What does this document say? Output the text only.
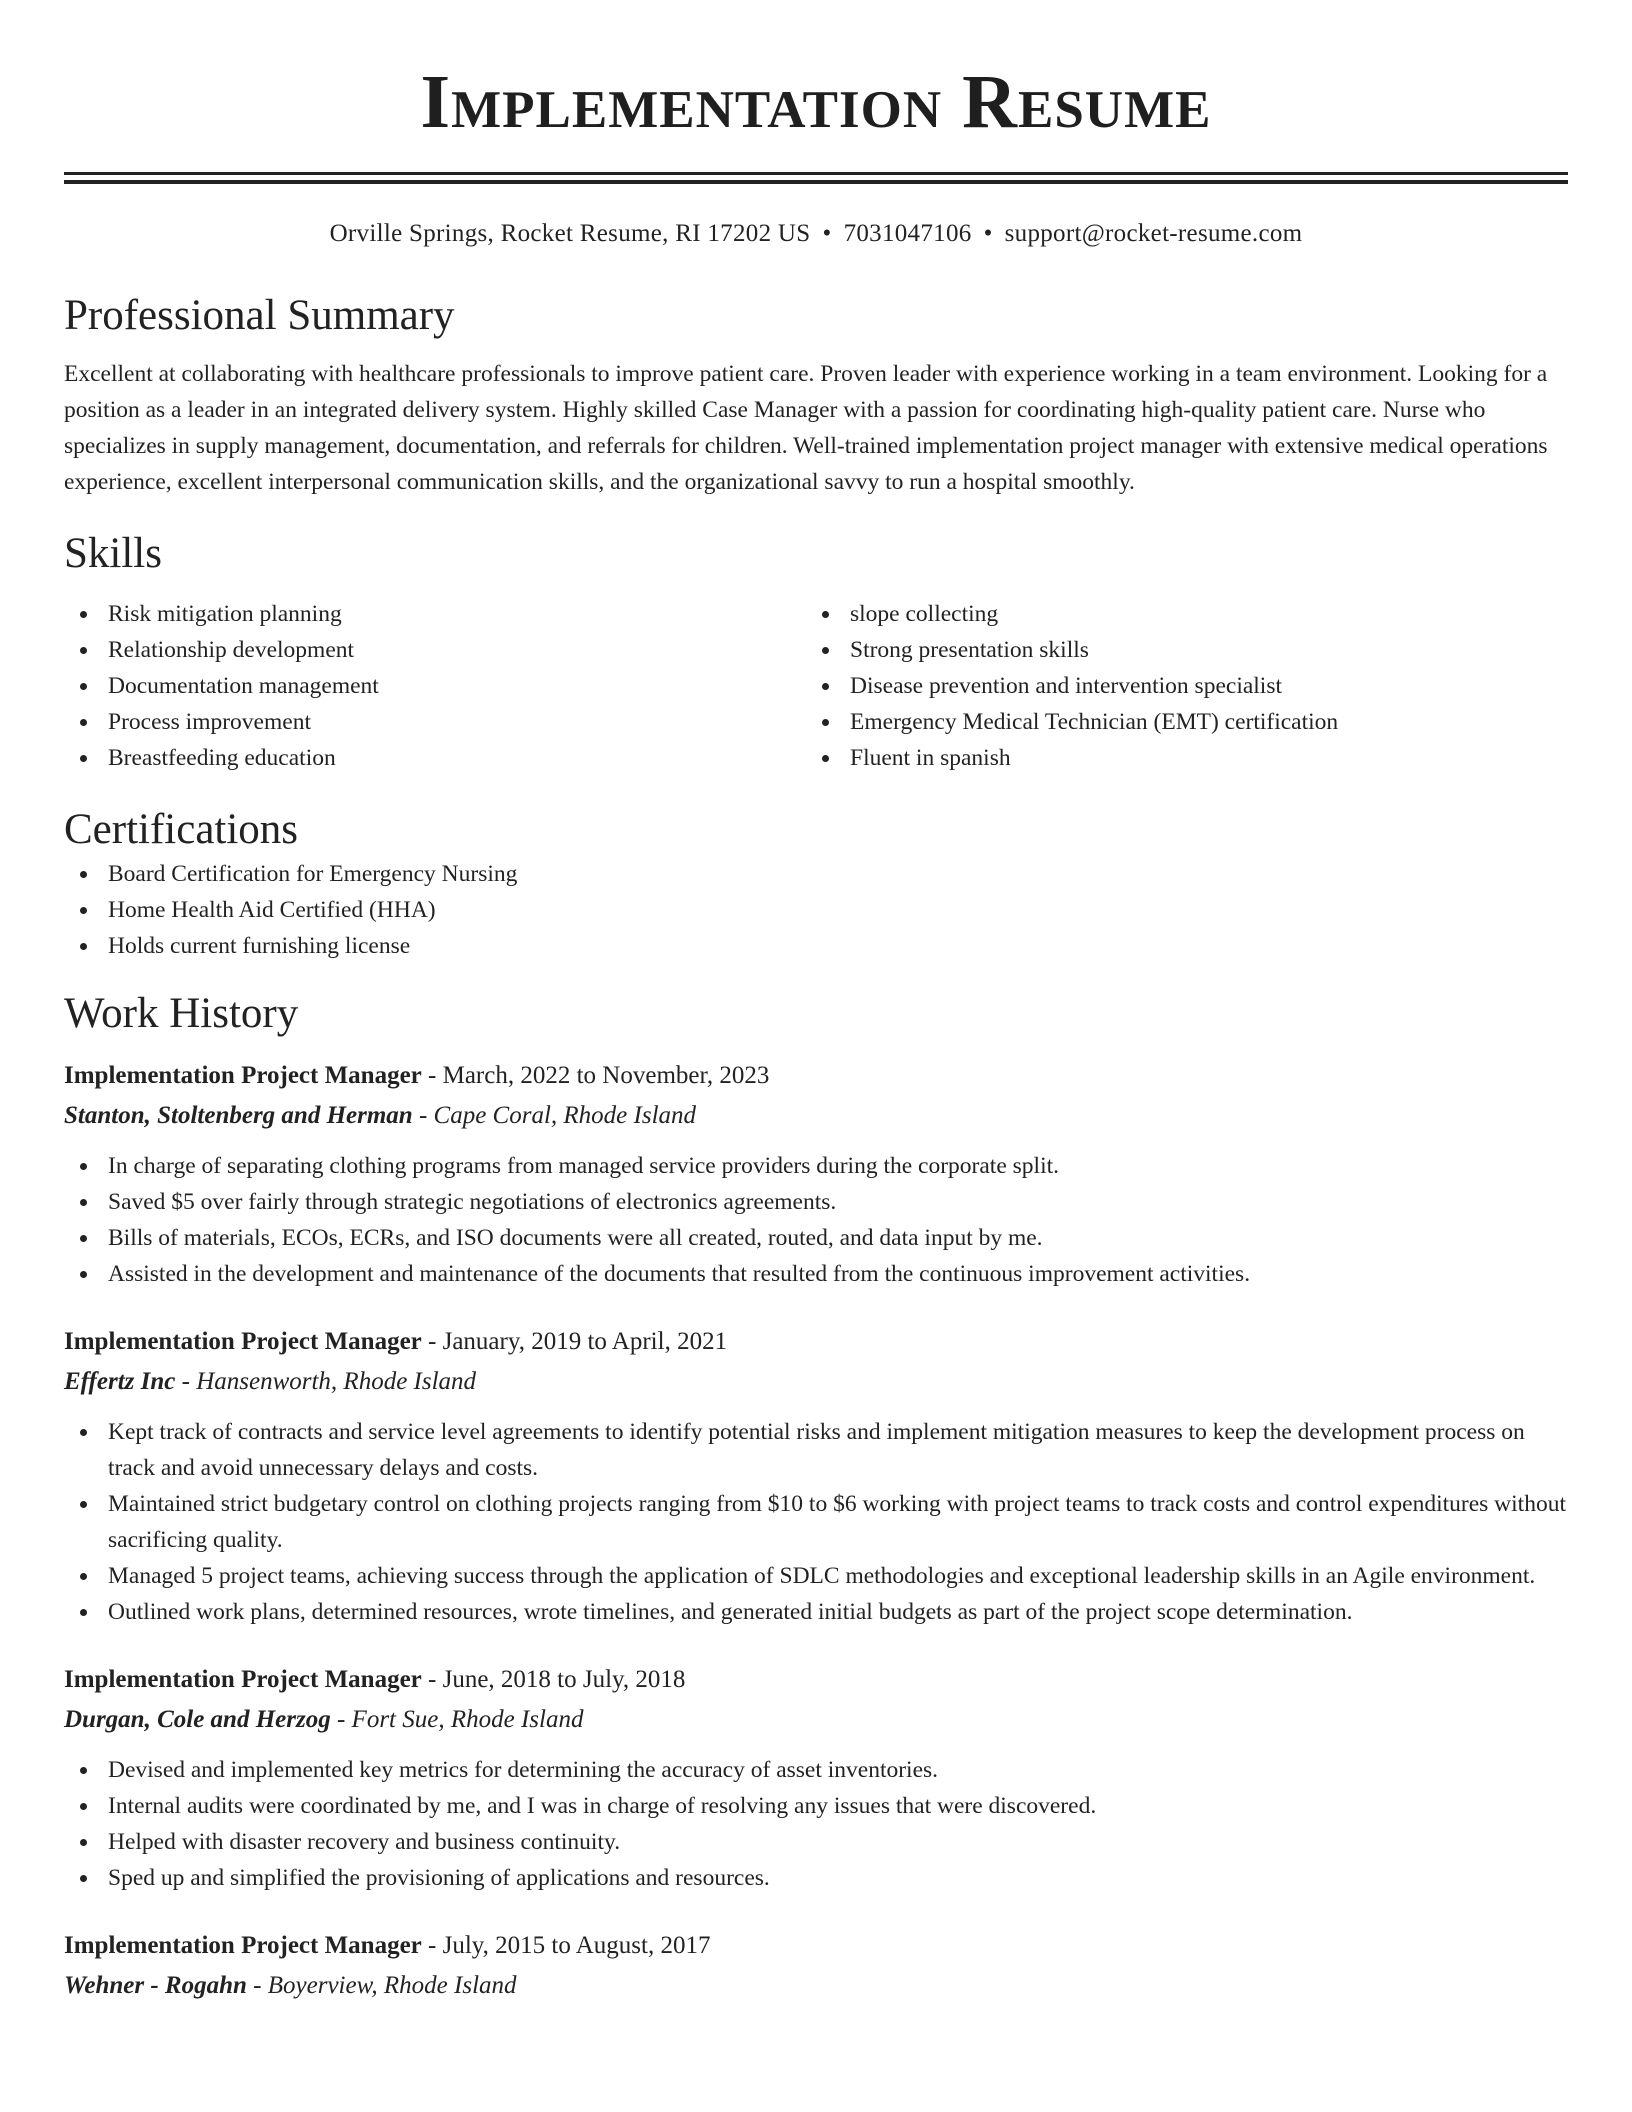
Implementation Resume
Orville Springs, Rocket Resume, RI 17202 US • 7031047106 • support@rocket-resume.com
Professional Summary

Excellent at collaborating with healthcare professionals to improve patient care. Proven leader with experience working in a team environment. Looking for a position as a leader in an integrated delivery system. Highly skilled Case Manager with a passion for coordinating high-quality patient care. Nurse who specializes in supply management, documentation, and referrals for children. Well-trained implementation project manager with extensive medical operations experience, excellent interpersonal communication skills, and the organizational savvy to run a hospital smoothly.

Skills
Risk mitigation planning
Relationship development
Documentation management
Process improvement
Breastfeeding education
slope collecting
Strong presentation skills
Disease prevention and intervention specialist
Emergency Medical Technician (EMT) certification
Fluent in spanish
Certifications
Board Certification for Emergency Nursing
Home Health Aid Certified (HHA)
Holds current furnishing license
Work History
Implementation Project Manager - March, 2022 to November, 2023
Stanton, Stoltenberg and Herman - Cape Coral, Rhode Island
In charge of separating clothing programs from managed service providers during the corporate split.
Saved $5 over fairly through strategic negotiations of electronics agreements.
Bills of materials, ECOs, ECRs, and ISO documents were all created, routed, and data input by me.
Assisted in the development and maintenance of the documents that resulted from the continuous improvement activities.
Implementation Project Manager - January, 2019 to April, 2021
Effertz Inc - Hansenworth, Rhode Island
Kept track of contracts and service level agreements to identify potential risks and implement mitigation measures to keep the development process on track and avoid unnecessary delays and costs.
Maintained strict budgetary control on clothing projects ranging from $10 to $6 working with project teams to track costs and control expenditures without sacrificing quality.
Managed 5 project teams, achieving success through the application of SDLC methodologies and exceptional leadership skills in an Agile environment.
Outlined work plans, determined resources, wrote timelines, and generated initial budgets as part of the project scope determination.
Implementation Project Manager - June, 2018 to July, 2018
Durgan, Cole and Herzog - Fort Sue, Rhode Island
Devised and implemented key metrics for determining the accuracy of asset inventories.
Internal audits were coordinated by me, and I was in charge of resolving any issues that were discovered.
Helped with disaster recovery and business continuity.
Sped up and simplified the provisioning of applications and resources.
Implementation Project Manager - July, 2015 to August, 2017
Wehner - Rogahn - Boyerview, Rhode Island
